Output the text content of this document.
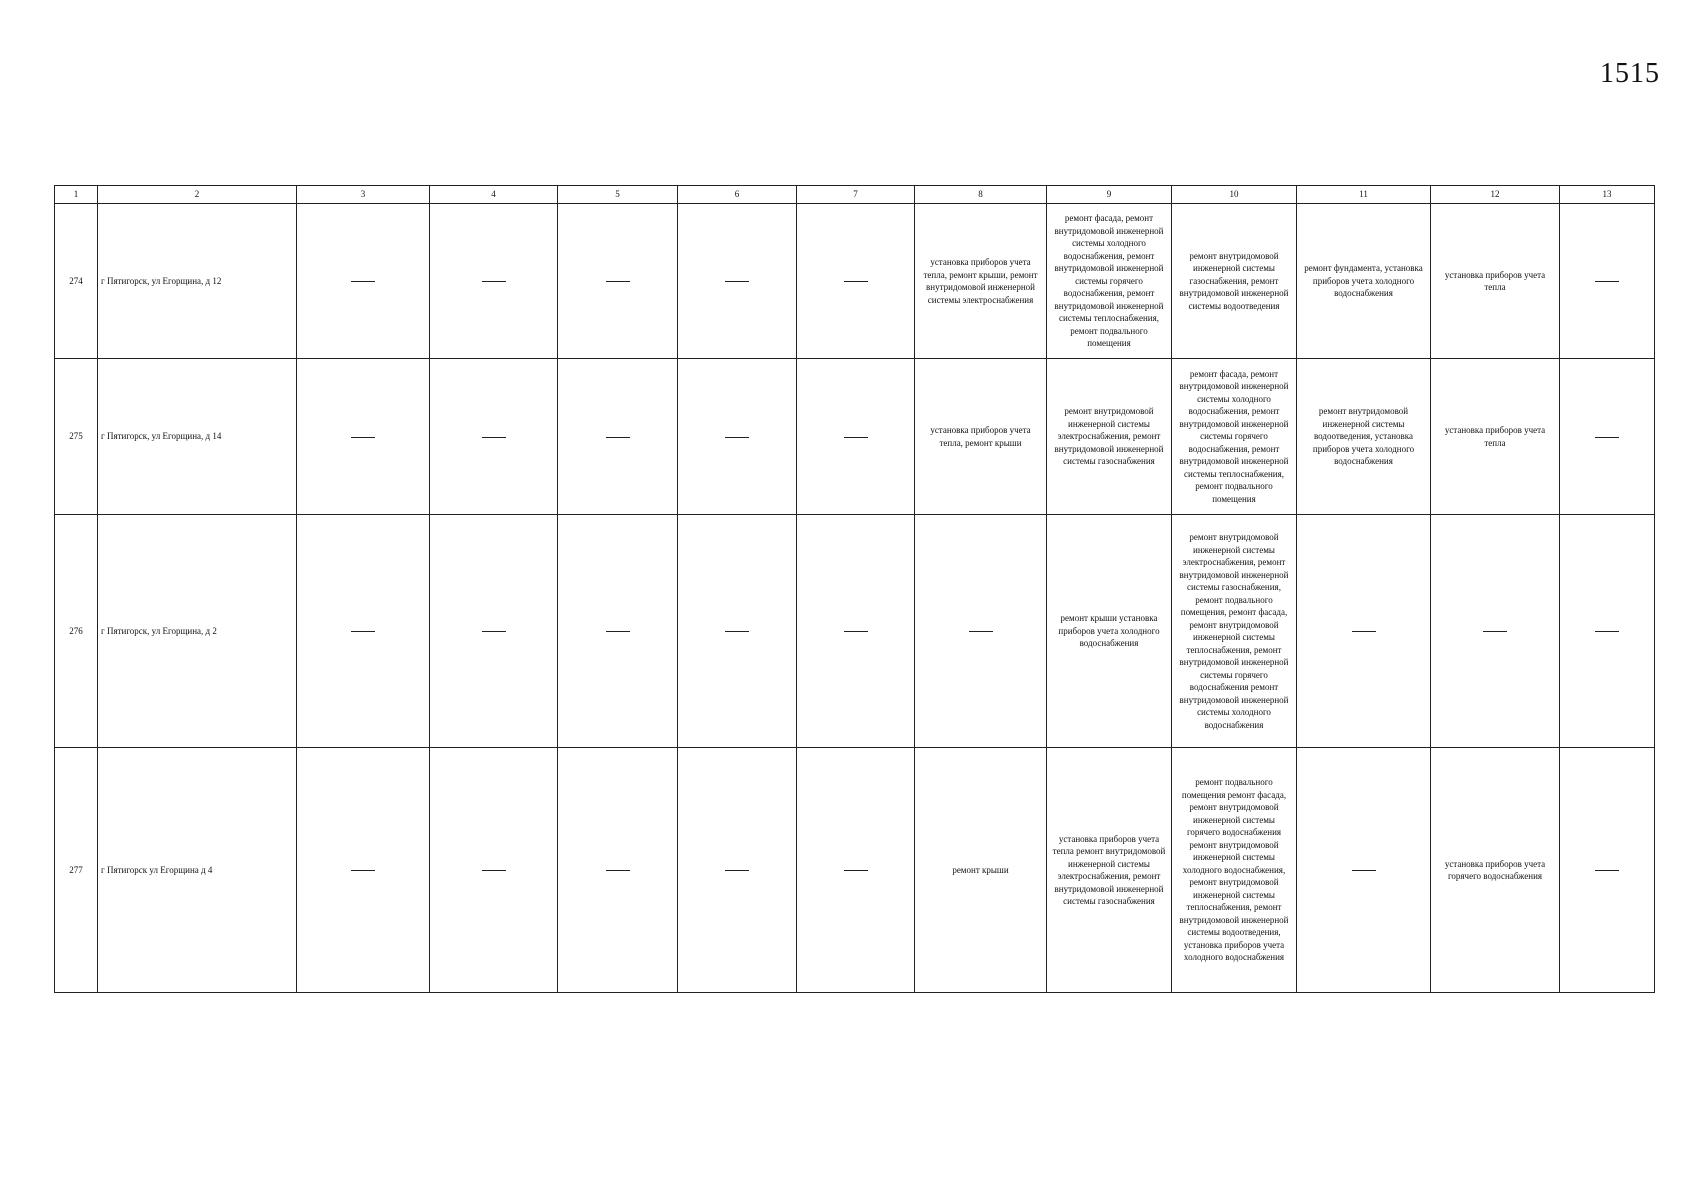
1515
1	2	3	4	5	6	7	8	9	10	11	12	13
274	г Пятигорск, ул Егорщина, д 12						установка приборов учета тепла, ремонт крыши, ремонт внутридомовой инженерной системы электроснабжения	ремонт фасада, ремонт внутридомовой инженерной системы холодного водоснабжения, ремонт внутридомовой инженерной системы горячего водоснабжения, ремонт внутридомовой инженерной системы теплоснабжения, ремонт подвального помещения	ремонт внутридомовой инженерной системы газоснабжения, ремонт внутридомовой инженерной системы водоотведения	ремонт фундамента, установка приборов учета холодного водоснабжения	установка приборов учета тепла	
275	г Пятигорск, ул Егорщина, д 14						установка приборов учета тепла, ремонт крыши	ремонт внутридомовой инженерной системы электроснабжения, ремонт внутридомовой инженерной системы газоснабжения	ремонт фасада, ремонт внутридомовой инженерной системы холодного водоснабжения, ремонт внутридомовой инженерной системы горячего водоснабжения, ремонт внутридомовой инженерной системы теплоснабжения, ремонт подвального помещения	ремонт внутридомовой инженерной системы водоотведения, установка приборов учета холодного водоснабжения	установка приборов учета тепла	
276	г Пятигорск, ул Егорщина, д 2							ремонт крыши установка приборов учета холодного водоснабжения	ремонт внутридомовой инженерной системы электроснабжения, ремонт внутридомовой инженерной системы газоснабжения, ремонт подвального помещения, ремонт фасада, ремонт внутридомовой инженерной системы теплоснабжения, ремонт внутридомовой инженерной системы горячего водоснабжения ремонт внутридомовой инженерной системы холодного водоснабжения			
277	г Пятигорск ул Егорщина д 4						ремонт крыши	установка приборов учета тепла ремонт внутридомовой инженерной системы электроснабжения, ремонт внутридомовой инженерной системы газоснабжения	ремонт подвального помещения ремонт фасада, ремонт внутридомовой инженерной системы горячего водоснабжения ремонт внутридомовой инженерной системы холодного водоснабжения, ремонт внутридомовой инженерной системы теплоснабжения, ремонт внутридомовой инженерной системы водоотведения, установка приборов учета холодного водоснабжения		установка приборов учета горячего водоснабжения	
